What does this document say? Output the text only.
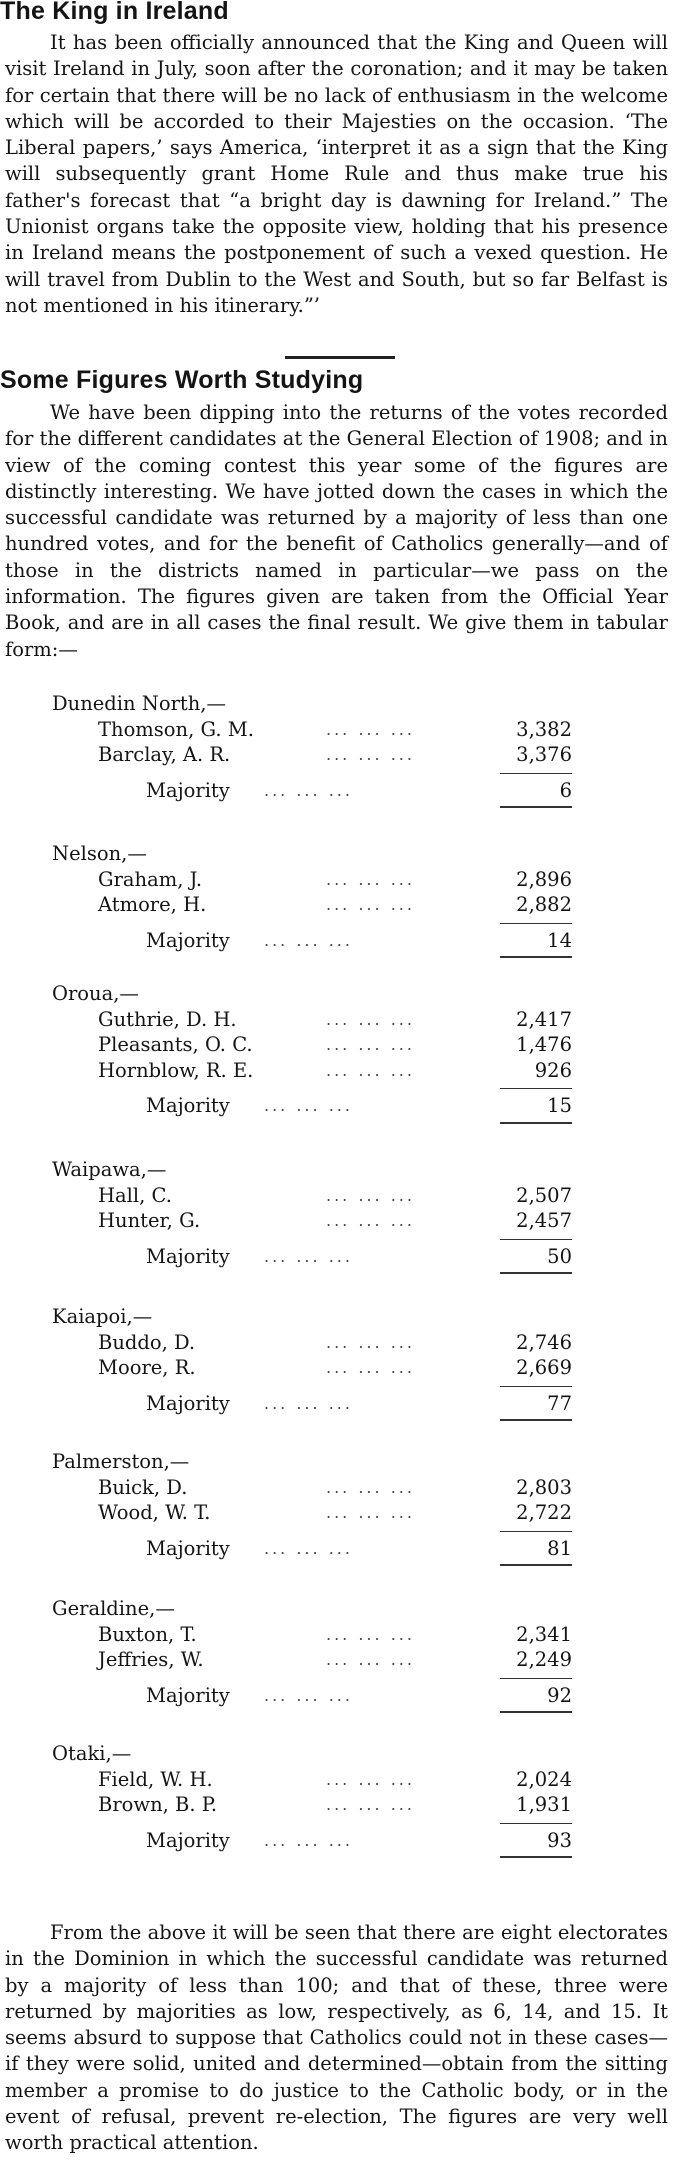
The King in Ireland

It has been officially announced that the King and Queen will visit Ireland in July, soon after the coronation; and it may be taken for certain that there will be no lack of enthusiasm in the welcome which will be accorded to their Majesties on the occasion. ‘The Liberal papers,’ says America, ‘interpret it as a sign that the King will subsequently grant Home Rule and thus make true his father's forecast that “a bright day is dawning for Ireland.” The Unionist organs take the opposite view, holding that his presence in Ireland means the postponement of such a vexed question. He will travel from Dublin to the West and South, but so far Belfast is not mentioned in his itinerary.”’

Some Figures Worth Studying

We have been dipping into the returns of the votes recorded for the different candidates at the General Election of 1908; and in view of the coming contest this year some of the figures are distinctly interesting. We have jotted down the cases in which the successful candidate was returned by a majority of less than one hundred votes, and for the benefit of Catholics generally—and of those in the districts named in particular—we pass on the information. The figures given are taken from the Official Year Book, and are in all cases the final result. We give them in tabular form:—

Dunedin North,—
Thomson, G. M.	... ... ...	3,382
Barclay, A. R.	... ... ...	3,376
Majority ... ... ...	6
Nelson,—
Graham, J.	... ... ...	2,896
Atmore, H.	... ... ...	2,882
Majority ... ... ...	14
Oroua,—
Guthrie, D. H.	... ... ...	2,417
Pleasants, O. C.	... ... ...	1,476
Hornblow, R. E.	... ... ...	926
Majority ... ... ...	15
Waipawa,—
Hall, C.	... ... ...	2,507
Hunter, G.	... ... ...	2,457
Majority ... ... ...	50
Kaiapoi,—
Buddo, D.	... ... ...	2,746
Moore, R.	... ... ...	2,669
Majority ... ... ...	77
Palmerston,—
Buick, D.	... ... ...	2,803
Wood, W. T.	... ... ...	2,722
Majority ... ... ...	81
Geraldine,—
Buxton, T.	... ... ...	2,341
Jeffries, W.	... ... ...	2,249
Majority ... ... ...	92
Otaki,—
Field, W. H.	... ... ...	2,024
Brown, B. P.	... ... ...	1,931
Majority ... ... ...	93

From the above it will be seen that there are eight electorates in the Dominion in which the successful candidate was returned by a majority of less than 100; and that of these, three were returned by majorities as low, respectively, as 6, 14, and 15. It seems absurd to suppose that Catholics could not in these cases—if they were solid, united and determined—obtain from the sitting member a promise to do justice to the Catholic body, or in the event of refusal, prevent re-election, The figures are very well worth practical attention.
